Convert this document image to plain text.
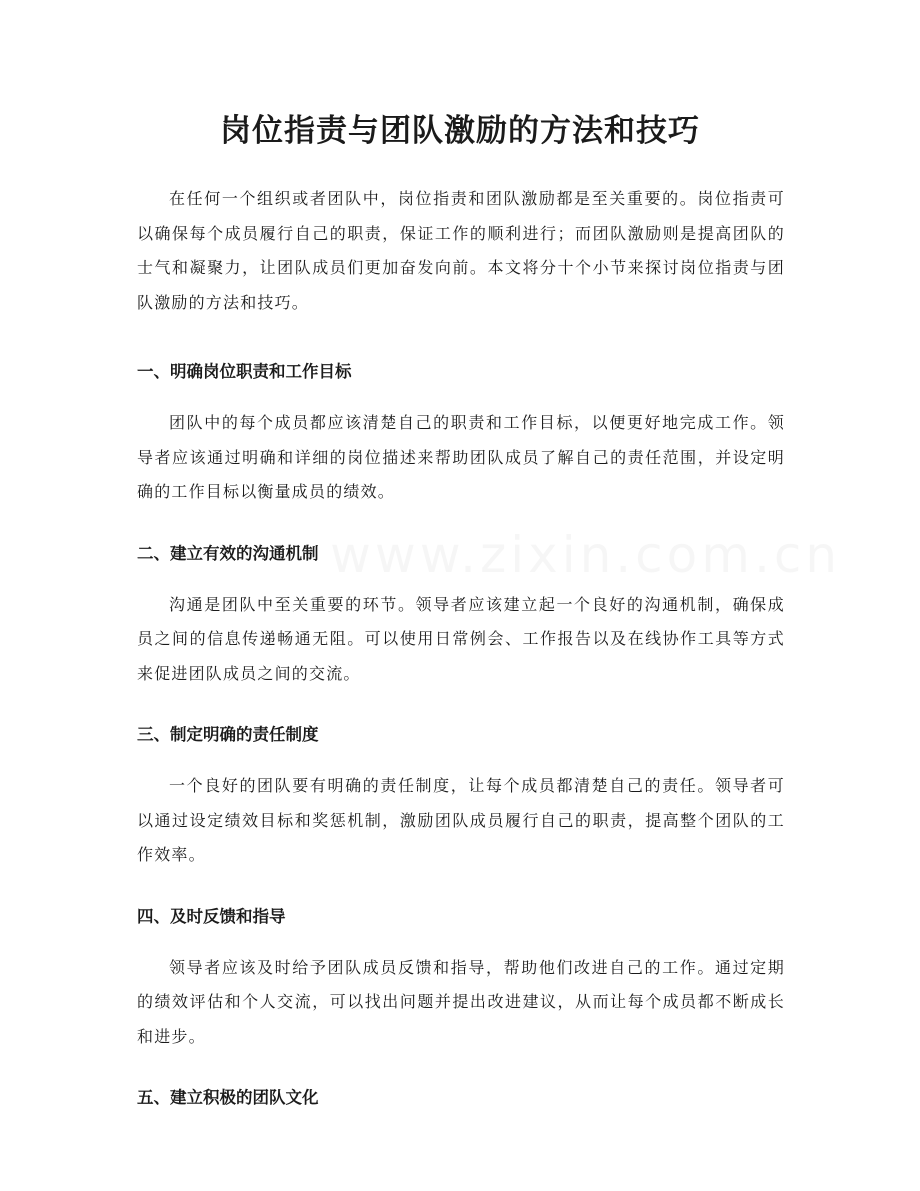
岗位指责与团队激励的方法和技巧

在任何一个组织或者团队中，岗位指责和团队激励都是至关重要的。岗位指责可以确保每个成员履行自己的职责，保证工作的顺利进行；而团队激励则是提高团队的士气和凝聚力，让团队成员们更加奋发向前。本文将分十个小节来探讨岗位指责与团队激励的方法和技巧。

一、明确岗位职责和工作目标

团队中的每个成员都应该清楚自己的职责和工作目标，以便更好地完成工作。领导者应该通过明确和详细的岗位描述来帮助团队成员了解自己的责任范围，并设定明确的工作目标以衡量成员的绩效。

二、建立有效的沟通机制

沟通是团队中至关重要的环节。领导者应该建立起一个良好的沟通机制，确保成员之间的信息传递畅通无阻。可以使用日常例会、工作报告以及在线协作工具等方式来促进团队成员之间的交流。

三、制定明确的责任制度

一个良好的团队要有明确的责任制度，让每个成员都清楚自己的责任。领导者可以通过设定绩效目标和奖惩机制，激励团队成员履行自己的职责，提高整个团队的工作效率。

四、及时反馈和指导

领导者应该及时给予团队成员反馈和指导，帮助他们改进自己的工作。通过定期的绩效评估和个人交流，可以找出问题并提出改进建议，从而让每个成员都不断成长和进步。

五、建立积极的团队文化
